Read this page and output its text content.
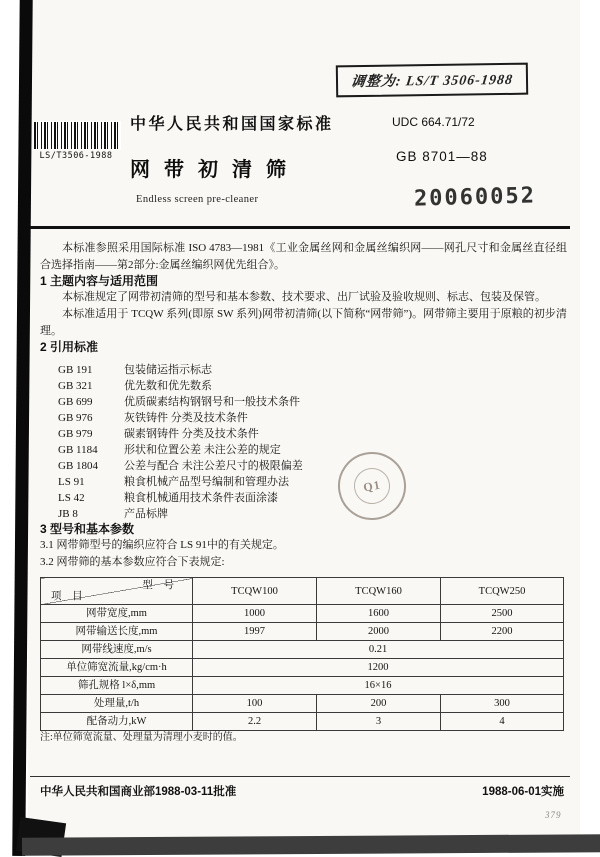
调整为: LS/T 3506-1988
LS/T3506-1988
中华人民共和国国家标准	UDC 664.71/72
GB 8701—88
网带初清筛
Endless screen pre-cleaner	20060052

本标准参照采用国际标准 ISO 4783—1981《工业金属丝网和金属丝编织网——网孔尺寸和金属丝直径组合选择指南——第2部分:金属丝编织网优先组合》。

1 主题内容与适用范围

本标准规定了网带初清筛的型号和基本参数、技术要求、出厂试验及验收规则、标志、包装及保管。

本标准适用于 TCQW 系列(即原 SW 系列)网带初清筛(以下简称“网带筛”)。网带筛主要用于原粮的初步清理。

2 引用标准

GB 191	包装储运指示标志
GB 321	优先数和优先数系
GB 699	优质碳素结构钢钢号和一般技术条件
GB 976	灰铁铸件 分类及技术条件
GB 979	碳素钢铸件 分类及技术条件
GB 1184 形状和位置公差 未注公差的规定
GB 1804 公差与配合 未注公差尺寸的极限偏差
LS 91	粮食机械产品型号编制和管理办法
LS 42	粮食机械通用技术条件表面涂漆
JB 8	产品标牌

3 型号和基本参数

3.1 网带筛型号的编织应符合 LS 91中的有关规定。

3.2 网带筛的基本参数应符合下表规定:

型 号
项 目	TCQW100	TCQW160	TCQW250
网带宽度,mm	1000	1600	2500
网带输送长度,mm	1997	2000	2200
网带线速度,m/s	0.21		
单位筛宽流量,kg/cm·h	1200		
筛孔规格 l×δ,mm	16×16		
处理量,t/h	100	200	300
配备动力,kW	2.2	3	4

注:单位筛宽流量、处理量为清理小麦时的值。

Q1
中华人民共和国商业部1988-03-11批准	1988-06-01实施
379
